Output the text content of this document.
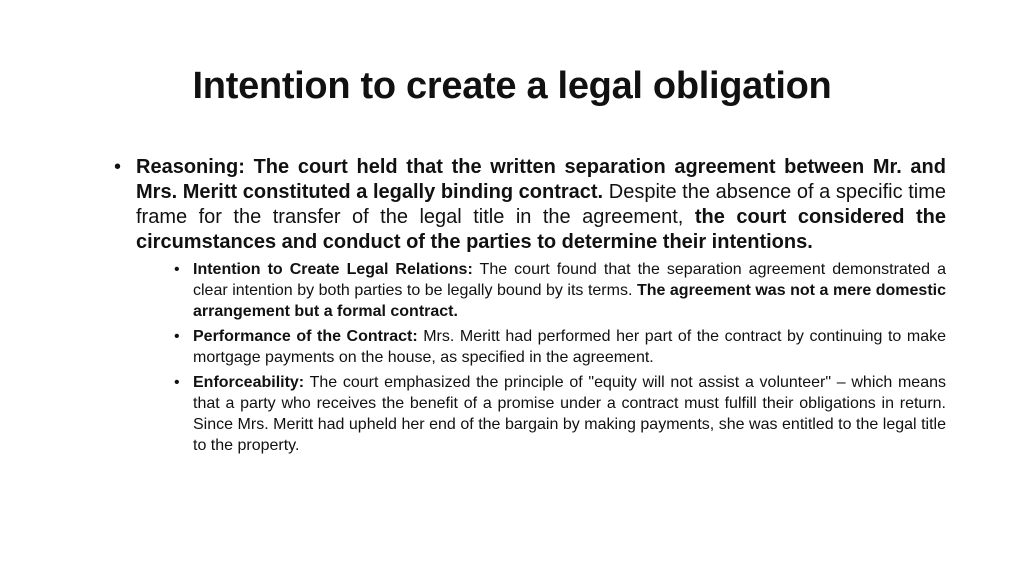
Intention to create a legal obligation
• Reasoning: The court held that the written separation agreement between Mr. and Mrs. Meritt constituted a legally binding contract. Despite the absence of a specific time frame for the transfer of the legal title in the agreement, the court considered the circumstances and conduct of the parties to determine their intentions.
• Intention to Create Legal Relations: The court found that the separation agreement demonstrated a clear intention by both parties to be legally bound by its terms. The agreement was not a mere domestic arrangement but a formal contract.
• Performance of the Contract: Mrs. Meritt had performed her part of the contract by continuing to make mortgage payments on the house, as specified in the agreement.
• Enforceability: The court emphasized the principle of "equity will not assist a volunteer" – which means that a party who receives the benefit of a promise under a contract must fulfill their obligations in return. Since Mrs. Meritt had upheld her end of the bargain by making payments, she was entitled to the legal title to the property.
